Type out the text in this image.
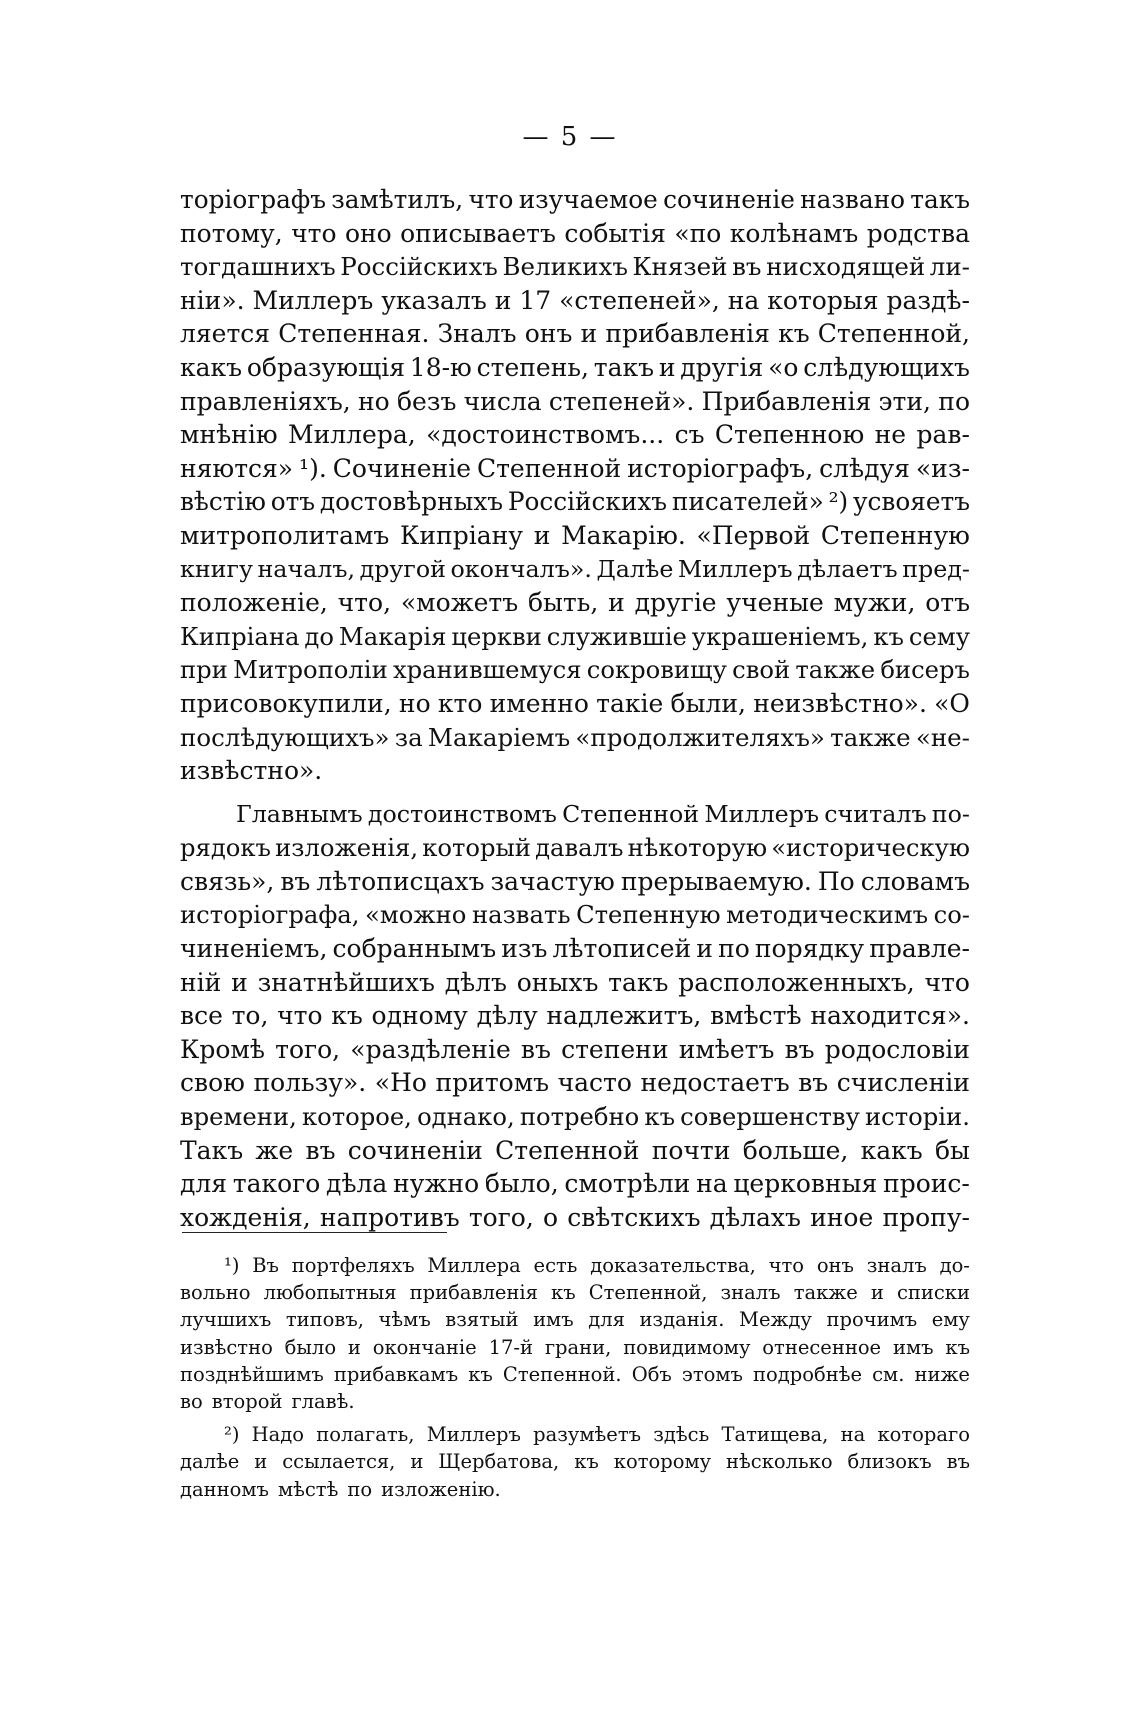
— 5 —
торіографъ замѣтилъ, что изучаемое сочиненіе названо такъ
потому, что оно описываетъ событія «по колѣнамъ родства
тогдашнихъ Россійскихъ Великихъ Князей въ нисходящей ли-
ніи». Миллеръ указалъ и 17 «степеней», на которыя раздѣ-
ляется Степенная. Зналъ онъ и прибавленія къ Степенной,
какъ образующія 18-ю степень, такъ и другія «о слѣдующихъ
правленіяхъ, но безъ числа степеней». Прибавленія эти, по
мнѣнію Миллера, «достоинствомъ... съ Степенною не рав-
няются» ¹). Сочиненіе Степенной исторіографъ, слѣдуя «из-
вѣстію отъ достовѣрныхъ Россійскихъ писателей» ²) усвояетъ
митрополитамъ Кипріану и Макарію. «Первой Степенную
книгу началъ, другой окончалъ». Далѣе Миллеръ дѣлаетъ пред-
положеніе, что, «можетъ быть, и другіе ученые мужи, отъ
Кипріана до Макарія церкви служившіе украшеніемъ, къ сему
при Митрополіи хранившемуся сокровищу свой также бисеръ
присовокупили, но кто именно такіе были, неизвѣстно». «О
послѣдующихъ» за Макаріемъ «продолжителяхъ» также «не-
извѣстно».
Главнымъ достоинствомъ Степенной Миллеръ считалъ по-
рядокъ изложенія, который давалъ нѣкоторую «историческую
связь», въ лѣтописцахъ зачастую прерываемую. По словамъ
исторіографа, «можно назвать Степенную методическимъ со-
чиненіемъ, собраннымъ изъ лѣтописей и по порядку правле-
ній и знатнѣйшихъ дѣлъ оныхъ такъ расположенныхъ, что
все то, что къ одному дѣлу надлежитъ, вмѣстѣ находится».
Кромѣ того, «раздѣленіе въ степени имѣетъ въ родословіи
свою пользу». «Но притомъ часто недостаетъ въ счисленіи
времени, которое, однако, потребно къ совершенству исторіи.
Такъ же въ сочиненіи Степенной почти больше, какъ бы
для такого дѣла нужно было, смотрѣли на церковныя проис-
хожденія, напротивъ того, о свѣтскихъ дѣлахъ иное пропу-
¹) Въ портфеляхъ Миллера есть доказательства, что онъ зналъ до-
вольно любопытныя прибавленія къ Степенной, зналъ также и списки
лучшихъ типовъ, чѣмъ взятый имъ для изданія. Между прочимъ ему
извѣстно было и окончаніе 17-й грани, повидимому отнесенное имъ къ
позднѣйшимъ прибавкамъ къ Степенной. Объ этомъ подробнѣе см. ниже
во второй главѣ.
²) Надо полагать, Миллеръ разумѣетъ здѣсь Татищева, на котораго
далѣе и ссылается, и Щербатова, къ которому нѣсколько близокъ въ
данномъ мѣстѣ по изложенію.
